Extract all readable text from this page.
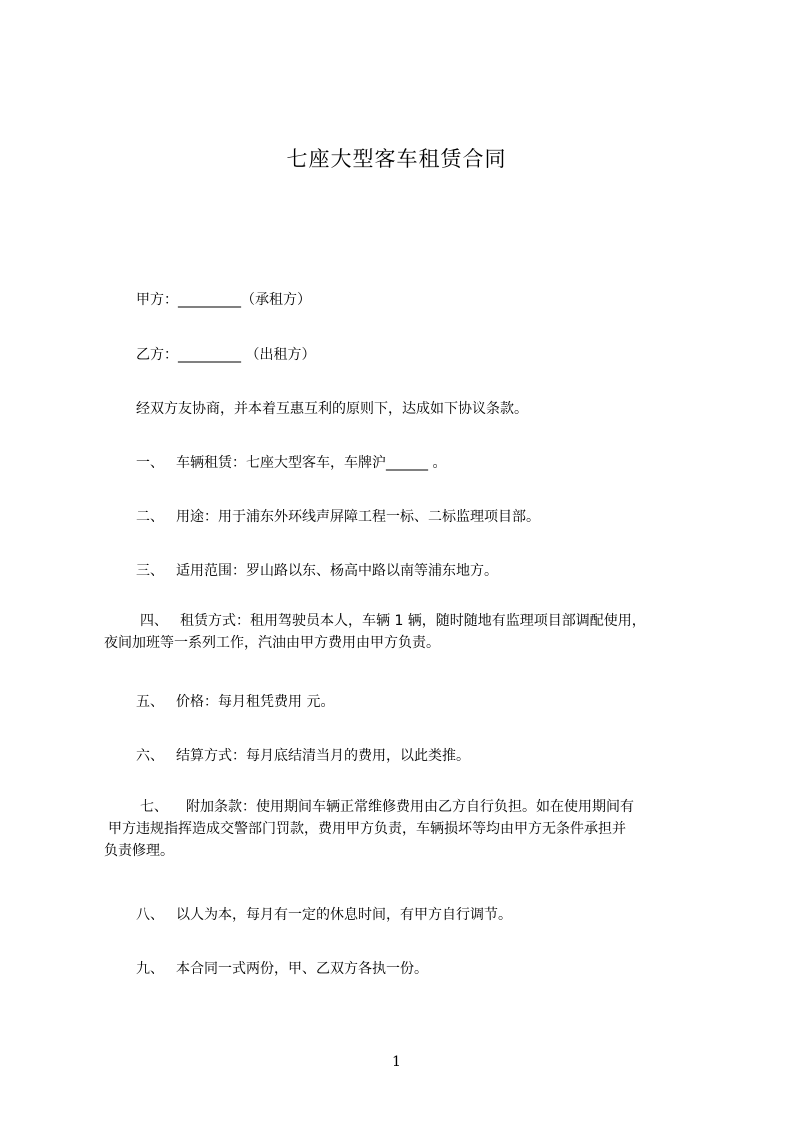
七座大型客车租赁合同
甲方：_________（承租方）
乙方：_________ （出租方）
经双方友协商，并本着互惠互利的原则下，达成如下协议条款。
一、 车辆租赁：七座大型客车，车牌沪______ 。
二、 用途：用于浦东外环线声屏障工程一标、二标监理项目部。
三、 适用范围：罗山路以东、杨高中路以南等浦东地方。
四、 租赁方式：租用驾驶员本人，车辆 1 辆，随时随地有监理项目部调配使用，
夜间加班等一系列工作，汽油由甲方费用由甲方负责。
五、 价格：每月租凭费用 元。
六、 结算方式：每月底结清当月的费用，以此类推。
七、 附加条款：使用期间车辆正常维修费用由乙方自行负担。如在使用期间有
甲方违规指挥造成交警部门罚款，费用甲方负责，车辆损坏等均由甲方无条件承担并
负责修理。
八、 以人为本，每月有一定的休息时间，有甲方自行调节。
九、 本合同一式两份，甲、乙双方各执一份。
1
